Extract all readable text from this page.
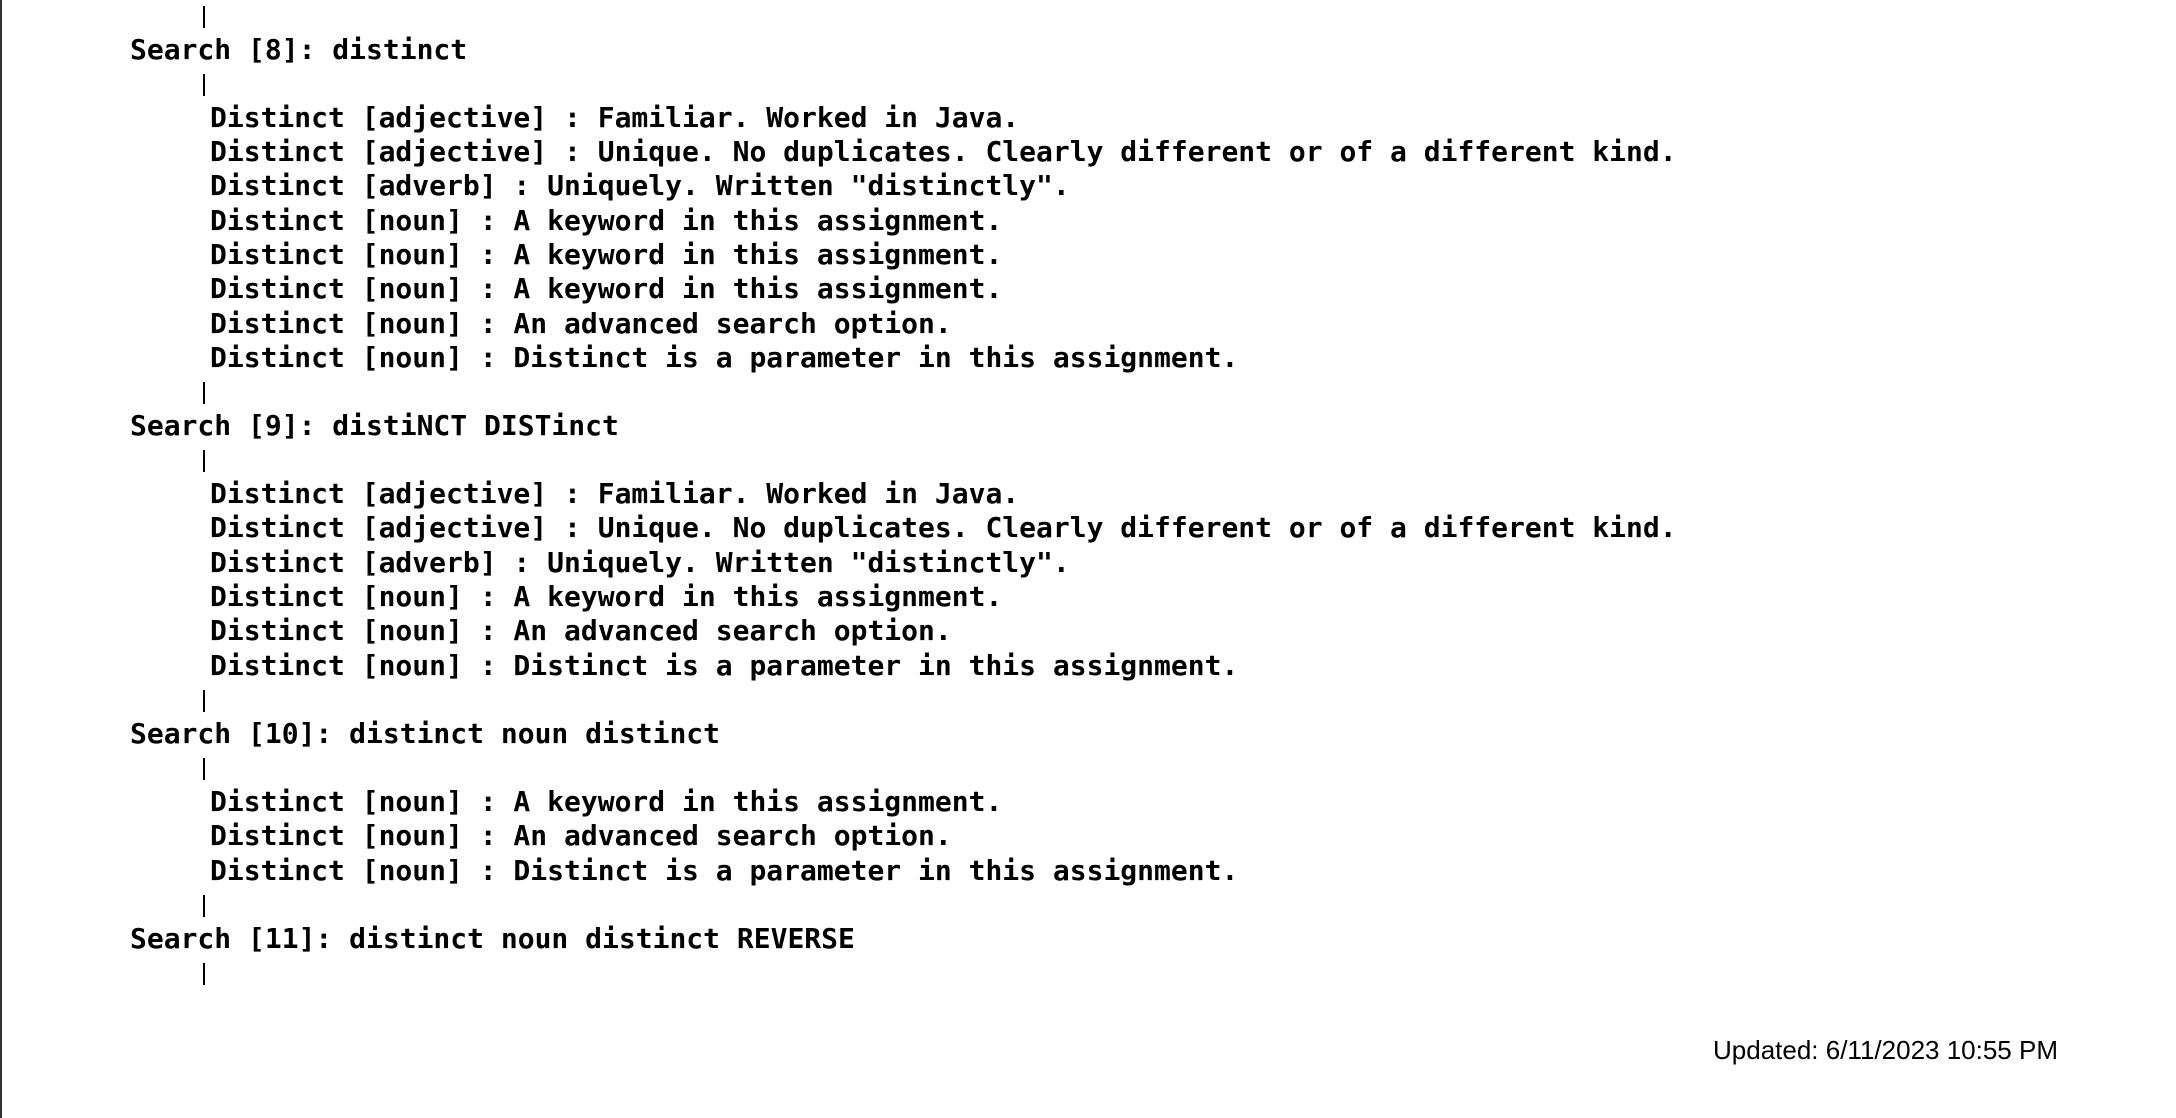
Search [8]: distinct
Distinct [adjective] : Familiar. Worked in Java.
Distinct [adjective] : Unique. No duplicates. Clearly different or of a different kind.
Distinct [adverb] : Uniquely. Written "distinctly".
Distinct [noun] : A keyword in this assignment.
Distinct [noun] : A keyword in this assignment.
Distinct [noun] : A keyword in this assignment.
Distinct [noun] : An advanced search option.
Distinct [noun] : Distinct is a parameter in this assignment.
Search [9]: distiNCT DISTinct
Distinct [adjective] : Familiar. Worked in Java.
Distinct [adjective] : Unique. No duplicates. Clearly different or of a different kind.
Distinct [adverb] : Uniquely. Written "distinctly".
Distinct [noun] : A keyword in this assignment.
Distinct [noun] : An advanced search option.
Distinct [noun] : Distinct is a parameter in this assignment.
Search [10]: distinct noun distinct
Distinct [noun] : A keyword in this assignment.
Distinct [noun] : An advanced search option.
Distinct [noun] : Distinct is a parameter in this assignment.
Search [11]: distinct noun distinct REVERSE
Updated: 6/11/2023 10:55 PM
